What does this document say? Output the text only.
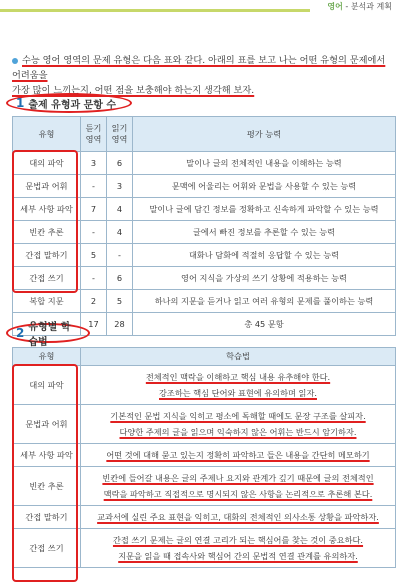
영어 - 분석과 계획
수능 영어 영역의 문제 유형은 다음 표와 같다. 아래의 표를 보고 나는 어떤 유형의 문제에서 어려움을
가장 많이 느끼는지, 어떤 점을 보충해야 하는지 생각해 보자.
1 출제 유형과 문항 수
유형	듣기 영역	읽기 영역	평가 능력
대의 파악	3	6	말이나 글의 전체적인 내용을 이해하는 능력
문법과 어휘	-	3	문맥에 어울리는 어휘와 문법을 사용할 수 있는 능력
세부 사항 파악	7	4	말이나 글에 담긴 정보를 정확하고 신속하게 파악할 수 있는 능력
빈칸 추론	-	4	글에서 빠진 정보를 추론할 수 있는 능력
간접 말하기	5	-	대화나 담화에 적절히 응답할 수 있는 능력
간접 쓰기	-	6	영어 지식을 가상의 쓰기 상황에 적용하는 능력
복합 지문	2	5	하나의 지문을 듣거나 읽고 여러 유형의 문제를 풀이하는 능력
	17	28	총 45 문항
2 유형별 학습법
유형	학습법
대의 파악	전체적인 맥락을 이해하고 핵심 내용 유추해야 한다.
강조하는 핵심 단어와 표현에 유의하며 읽자.
문법과 어휘	기본적인 문법 지식을 익히고 평소에 독해할 때에도 문장 구조를 살피자.
다양한 주제의 글을 읽으며 익숙하지 않은 어휘는 반드시 암기하자.
세부 사항 파악	어떤 것에 대해 묻고 있는지 정확히 파악하고 들은 내용을 간단히 메모하기
빈칸 추론	빈칸에 들어갈 내용은 글의 주제나 요지와 관계가 깊기 때문에 글의 전체적인
맥락을 파악하고 직접적으로 명시되지 않은 사항을 논리적으로 추론해 본다.
간접 말하기	교과서에 실린 주요 표현을 익히고, 대화의 전체적인 의사소통 상황을 파악하자.
간접 쓰기	간접 쓰기 문제는 글의 연결 고리가 되는 핵심어를 찾는 것이 중요하다.
지문을 읽을 때 접속사와 핵심어 간의 문법적 연결 관계를 유의하자.
